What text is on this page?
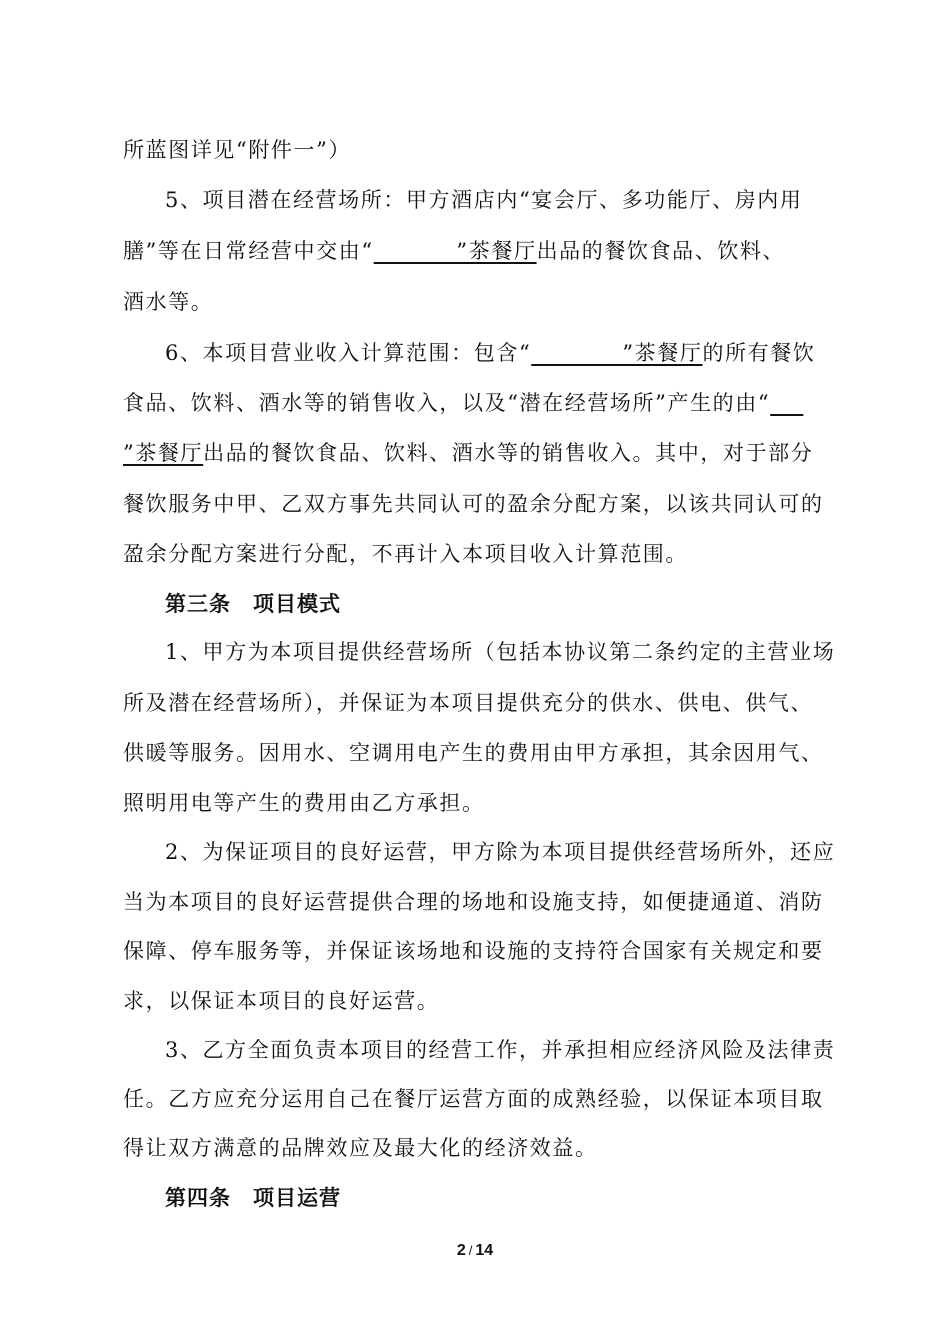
所蓝图详见“附件一”）
5、项目潜在经营场所：甲方酒店内“宴会厅、多功能厅、房内用
膳”等在日常经营中交由“          ”茶餐厅出品的餐饮食品、饮料、
酒水等。
6、本项目营业收入计算范围：包含“           ”茶餐厅的所有餐饮
食品、饮料、酒水等的销售收入，以及“潜在经营场所”产生的由“
”茶餐厅出品的餐饮食品、饮料、酒水等的销售收入。其中，对于部分
餐饮服务中甲、乙双方事先共同认可的盈余分配方案，以该共同认可的
盈余分配方案进行分配，不再计入本项目收入计算范围。
第三条　项目模式
1、甲方为本项目提供经营场所（包括本协议第二条约定的主营业场
所及潜在经营场所），并保证为本项目提供充分的供水、供电、供气、
供暖等服务。因用水、空调用电产生的费用由甲方承担，其余因用气、
照明用电等产生的费用由乙方承担。
2、为保证项目的良好运营，甲方除为本项目提供经营场所外，还应
当为本项目的良好运营提供合理的场地和设施支持，如便捷通道、消防
保障、停车服务等，并保证该场地和设施的支持符合国家有关规定和要
求，以保证本项目的良好运营。
3、乙方全面负责本项目的经营工作，并承担相应经济风险及法律责
任。乙方应充分运用自己在餐厅运营方面的成熟经验，以保证本项目取
得让双方满意的品牌效应及最大化的经济效益。
第四条　项目运营
2 / 14
